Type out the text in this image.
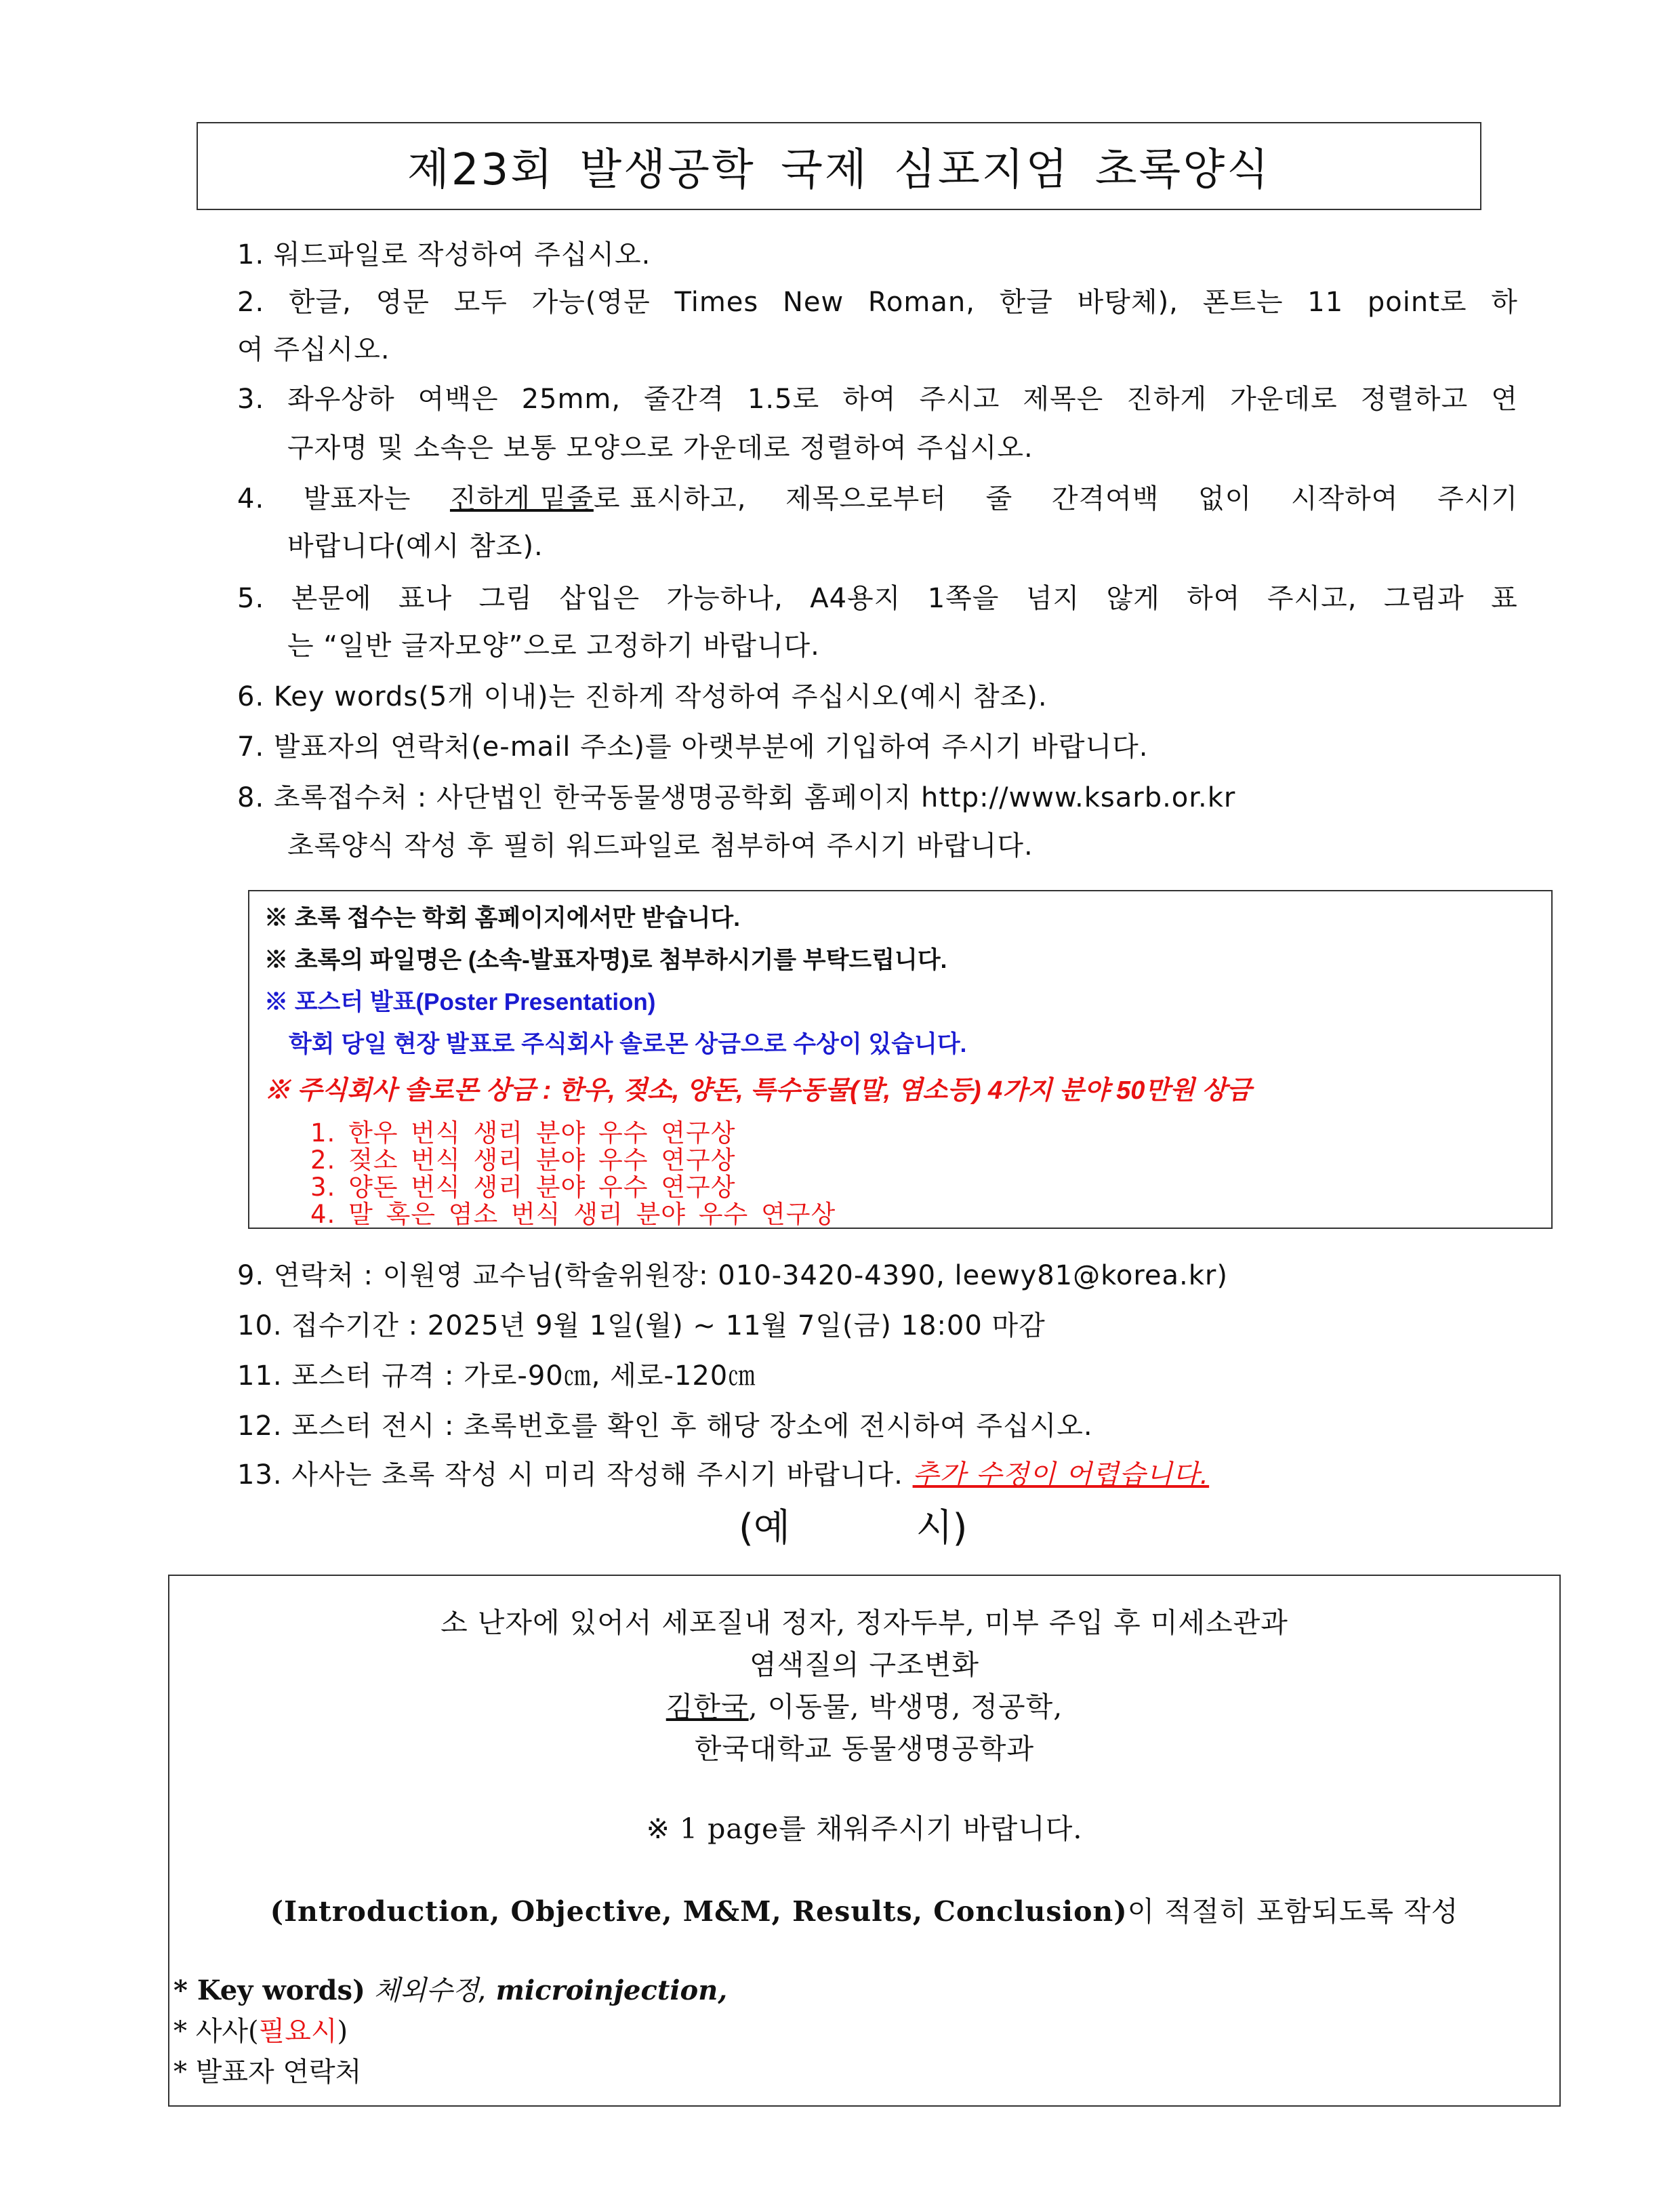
제23회 발생공학 국제 심포지엄 초록양식
1. 워드파일로 작성하여 주십시오.
2. 한글, 영문 모두 가능(영문 Times New Roman, 한글 바탕체), 폰트는 11 point로 하
여 주십시오.
3. 좌우상하 여백은 25mm, 줄간격 1.5로 하여 주시고 제목은 진하게 가운데로 정렬하고 연
구자명 및 소속은 보통 모양으로 가운데로 정렬하여 주십시오.
4. 발표자는 진하게 밑줄로 표시하고, 제목으로부터 줄 간격여백 없이 시작하여 주시기
바랍니다(예시 참조).
5. 본문에 표나 그림 삽입은 가능하나, A4용지 1쪽을 넘지 않게 하여 주시고, 그림과 표
는 “일반 글자모양”으로 고정하기 바랍니다.
6. Key words(5개 이내)는 진하게 작성하여 주십시오(예시 참조).
7. 발표자의 연락처(e-mail 주소)를 아랫부분에 기입하여 주시기 바랍니다.
8. 초록접수처 : 사단법인 한국동물생명공학회 홈페이지 http://www.ksarb.or.kr
초록양식 작성 후 필히 워드파일로 첨부하여 주시기 바랍니다.
※ 초록 접수는 학회 홈페이지에서만 받습니다.
※ 초록의 파일명은 (소속-발표자명)로 첨부하시기를 부탁드립니다.
※ 포스터 발표(Poster Presentation)
학회 당일 현장 발표로 주식회사 솔로몬 상금으로 수상이 있습니다.
※ 주식회사 솔로몬 상금 : 한우, 젖소, 양돈, 특수동물(말, 염소등) 4가지 분야 50만원 상금
1. 한우 번식 생리 분야 우수 연구상
2. 젖소 번식 생리 분야 우수 연구상
3. 양돈 번식 생리 분야 우수 연구상
4. 말 혹은 염소 번식 생리 분야 우수 연구상
9. 연락처 : 이원영 교수님(학술위원장: 010-3420-4390, leewy81@korea.kr)
10. 접수기간 : 2025년 9월 1일(월) ~ 11월 7일(금) 18:00 마감
11. 포스터 규격 : 가로-90㎝, 세로-120㎝
12. 포스터 전시 : 초록번호를 확인 후 해당 장소에 전시하여 주십시오.
13. 사사는 초록 작성 시 미리 작성해 주시기 바랍니다. 추가 수정이 어렵습니다.
(예	시)
소 난자에 있어서 세포질내 정자, 정자두부, 미부 주입 후 미세소관과
염색질의 구조변화
김한국, 이동물, 박생명, 정공학,
한국대학교 동물생명공학과
※ 1 page를 채워주시기 바랍니다.
(Introduction, Objective, M&M, Results, Conclusion)이 적절히 포함되도록 작성
* Key words) 체외수정, microinjection,
* 사사(필요시)
* 발표자 연락처
